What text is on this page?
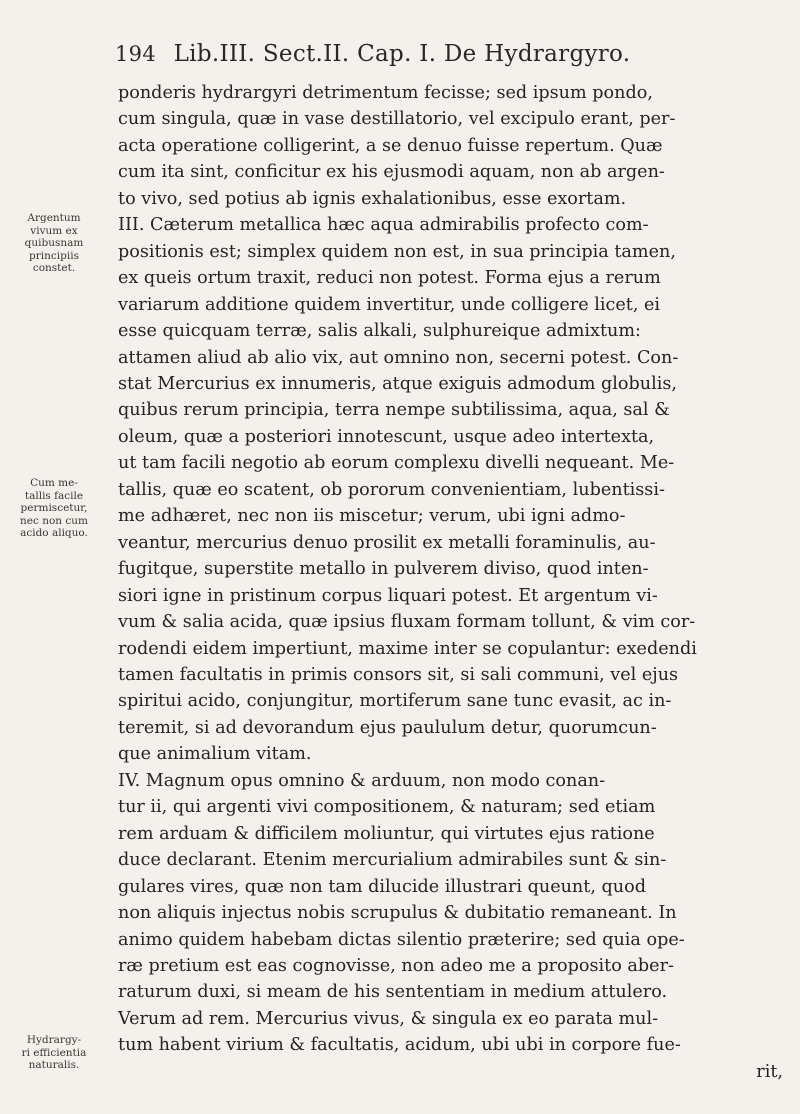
194 Lib.III. Sect.II. Cap. I. De Hydrargyro.
ponderis hydrargyri detrimentum fecisse; sed ipsum pondo,
cum singula, quæ in vase destillatorio, vel excipulo erant, per-
acta operatione colligerint, a se denuo fuisse repertum. Quæ
cum ita sint, conficitur ex his ejusmodi aquam, non ab argen-
to vivo, sed potius ab ignis exhalationibus, esse exortam.
III. Cæterum metallica hæc aqua admirabilis profecto com-
positionis est; simplex quidem non est, in sua principia tamen,
ex queis ortum traxit, reduci non potest. Forma ejus a rerum
variarum additione quidem invertitur, unde colligere licet, ei
esse quicquam terræ, salis alkali, sulphureique admixtum:
attamen aliud ab alio vix, aut omnino non, secerni potest. Con-
stat Mercurius ex innumeris, atque exiguis admodum globulis,
quibus rerum principia, terra nempe subtilissima, aqua, sal &
oleum, quæ a posteriori innotescunt, usque adeo intertexta,
ut tam facili negotio ab eorum complexu divelli nequeant. Me-
tallis, quæ eo scatent, ob pororum convenientiam, lubentissi-
me adhæret, nec non iis miscetur; verum, ubi igni admo-
veantur, mercurius denuo prosilit ex metalli foraminulis, au-
fugitque, superstite metallo in pulverem diviso, quod inten-
siori igne in pristinum corpus liquari potest. Et argentum vi-
vum & salia acida, quæ ipsius fluxam formam tollunt, & vim cor-
rodendi eidem impertiunt, maxime inter se copulantur: exedendi
tamen facultatis in primis consors sit, si sali communi, vel ejus
spiritui acido, conjungitur, mortiferum sane tunc evasit, ac in-
teremit, si ad devorandum ejus paululum detur, quorumcun-
que animalium vitam.
IV. Magnum opus omnino & arduum, non modo conan-
tur ii, qui argenti vivi compositionem, & naturam; sed etiam
rem arduam & difficilem moliuntur, qui virtutes ejus ratione
duce declarant. Etenim mercurialium admirabiles sunt & sin-
gulares vires, quæ non tam dilucide illustrari queunt, quod
non aliquis injectus nobis scrupulus & dubitatio remaneant. In
animo quidem habebam dictas silentio præterire; sed quia ope-
ræ pretium est eas cognovisse, non adeo me a proposito aber-
raturum duxi, si meam de his sententiam in medium attulero.
Verum ad rem. Mercurius vivus, & singula ex eo parata mul-
tum habent virium & facultatis, acidum, ubi ubi in corpore fue-
rit,
Argentum
vivum ex
quibusnam
principiis
constet.
Cum me-
tallis facile
permiscetur,
nec non cum
acido aliquo.
Hydrargy-
ri efficientia
naturalis.
